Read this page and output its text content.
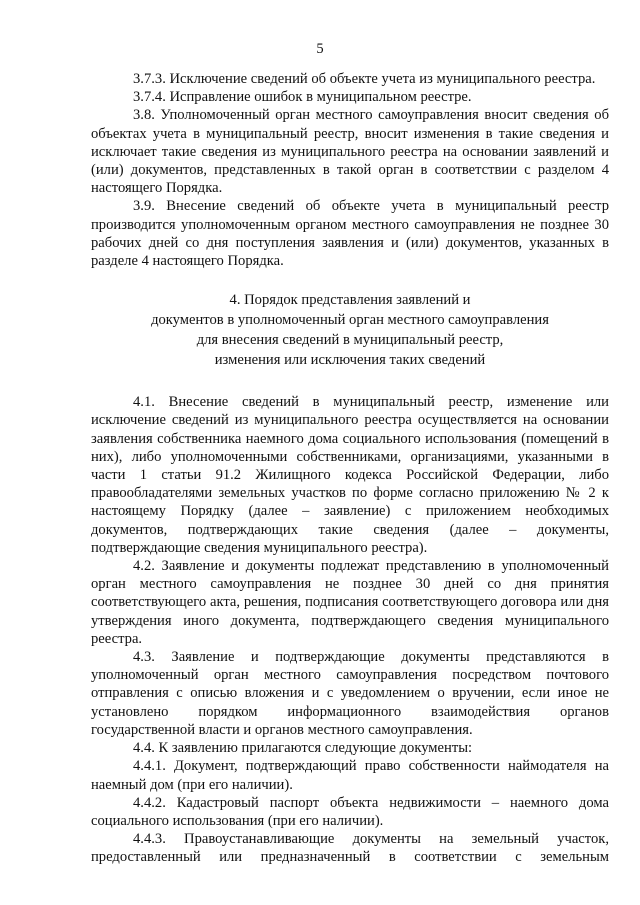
5

3.7.3. Исключение сведений об объекте учета из муниципального реестра.

3.7.4. Исправление ошибок в муниципальном реестре.

3.8. Уполномоченный орган местного самоуправления вносит сведения об объектах учета в муниципальный реестр, вносит изменения в такие сведения и исключает такие сведения из муниципального реестра на основании заявлений и (или) документов, представленных в такой орган в соответствии с разделом 4 настоящего Порядка.

3.9. Внесение сведений об объекте учета в муниципальный реестр производится уполномоченным органом местного самоуправления не позднее 30 рабочих дней со дня поступления заявления и (или) документов, указанных в разделе 4 настоящего Порядка.

4. Порядок представления заявлений и
документов в уполномоченный орган местного самоуправления
для внесения сведений в муниципальный реестр,
изменения или исключения таких сведений

4.1. Внесение сведений в муниципальный реестр, изменение или исключение сведений из муниципального реестра осуществляется на основании заявления собственника наемного дома социального использования (помещений в них), либо уполномоченными собственниками, организациями, указанными в части 1 статьи 91.2 Жилищного кодекса Российской Федерации, либо правообладателями земельных участков по форме согласно приложению № 2 к настоящему Порядку (далее – заявление) с приложением необходимых документов, подтверждающих такие сведения (далее – документы, подтверждающие сведения муниципального реестра).

4.2. Заявление и документы подлежат представлению в уполномоченный орган местного самоуправления не позднее 30 дней со дня принятия соответствующего акта, решения, подписания соответствующего договора или дня утверждения иного документа, подтверждающего сведения муниципального реестра.

4.3. Заявление и подтверждающие документы представляются в уполномоченный орган местного самоуправления посредством почтового отправления с описью вложения и с уведомлением о вручении, если иное не установлено порядком информационного взаимодействия органов государственной власти и органов местного самоуправления.

4.4. К заявлению прилагаются следующие документы:

4.4.1. Документ, подтверждающий право собственности наймодателя на наемный дом (при его наличии).

4.4.2. Кадастровый паспорт объекта недвижимости – наемного дома социального использования (при его наличии).

4.4.3. Правоустанавливающие документы на земельный участок, предоставленный или предназначенный в соответствии с земельным
